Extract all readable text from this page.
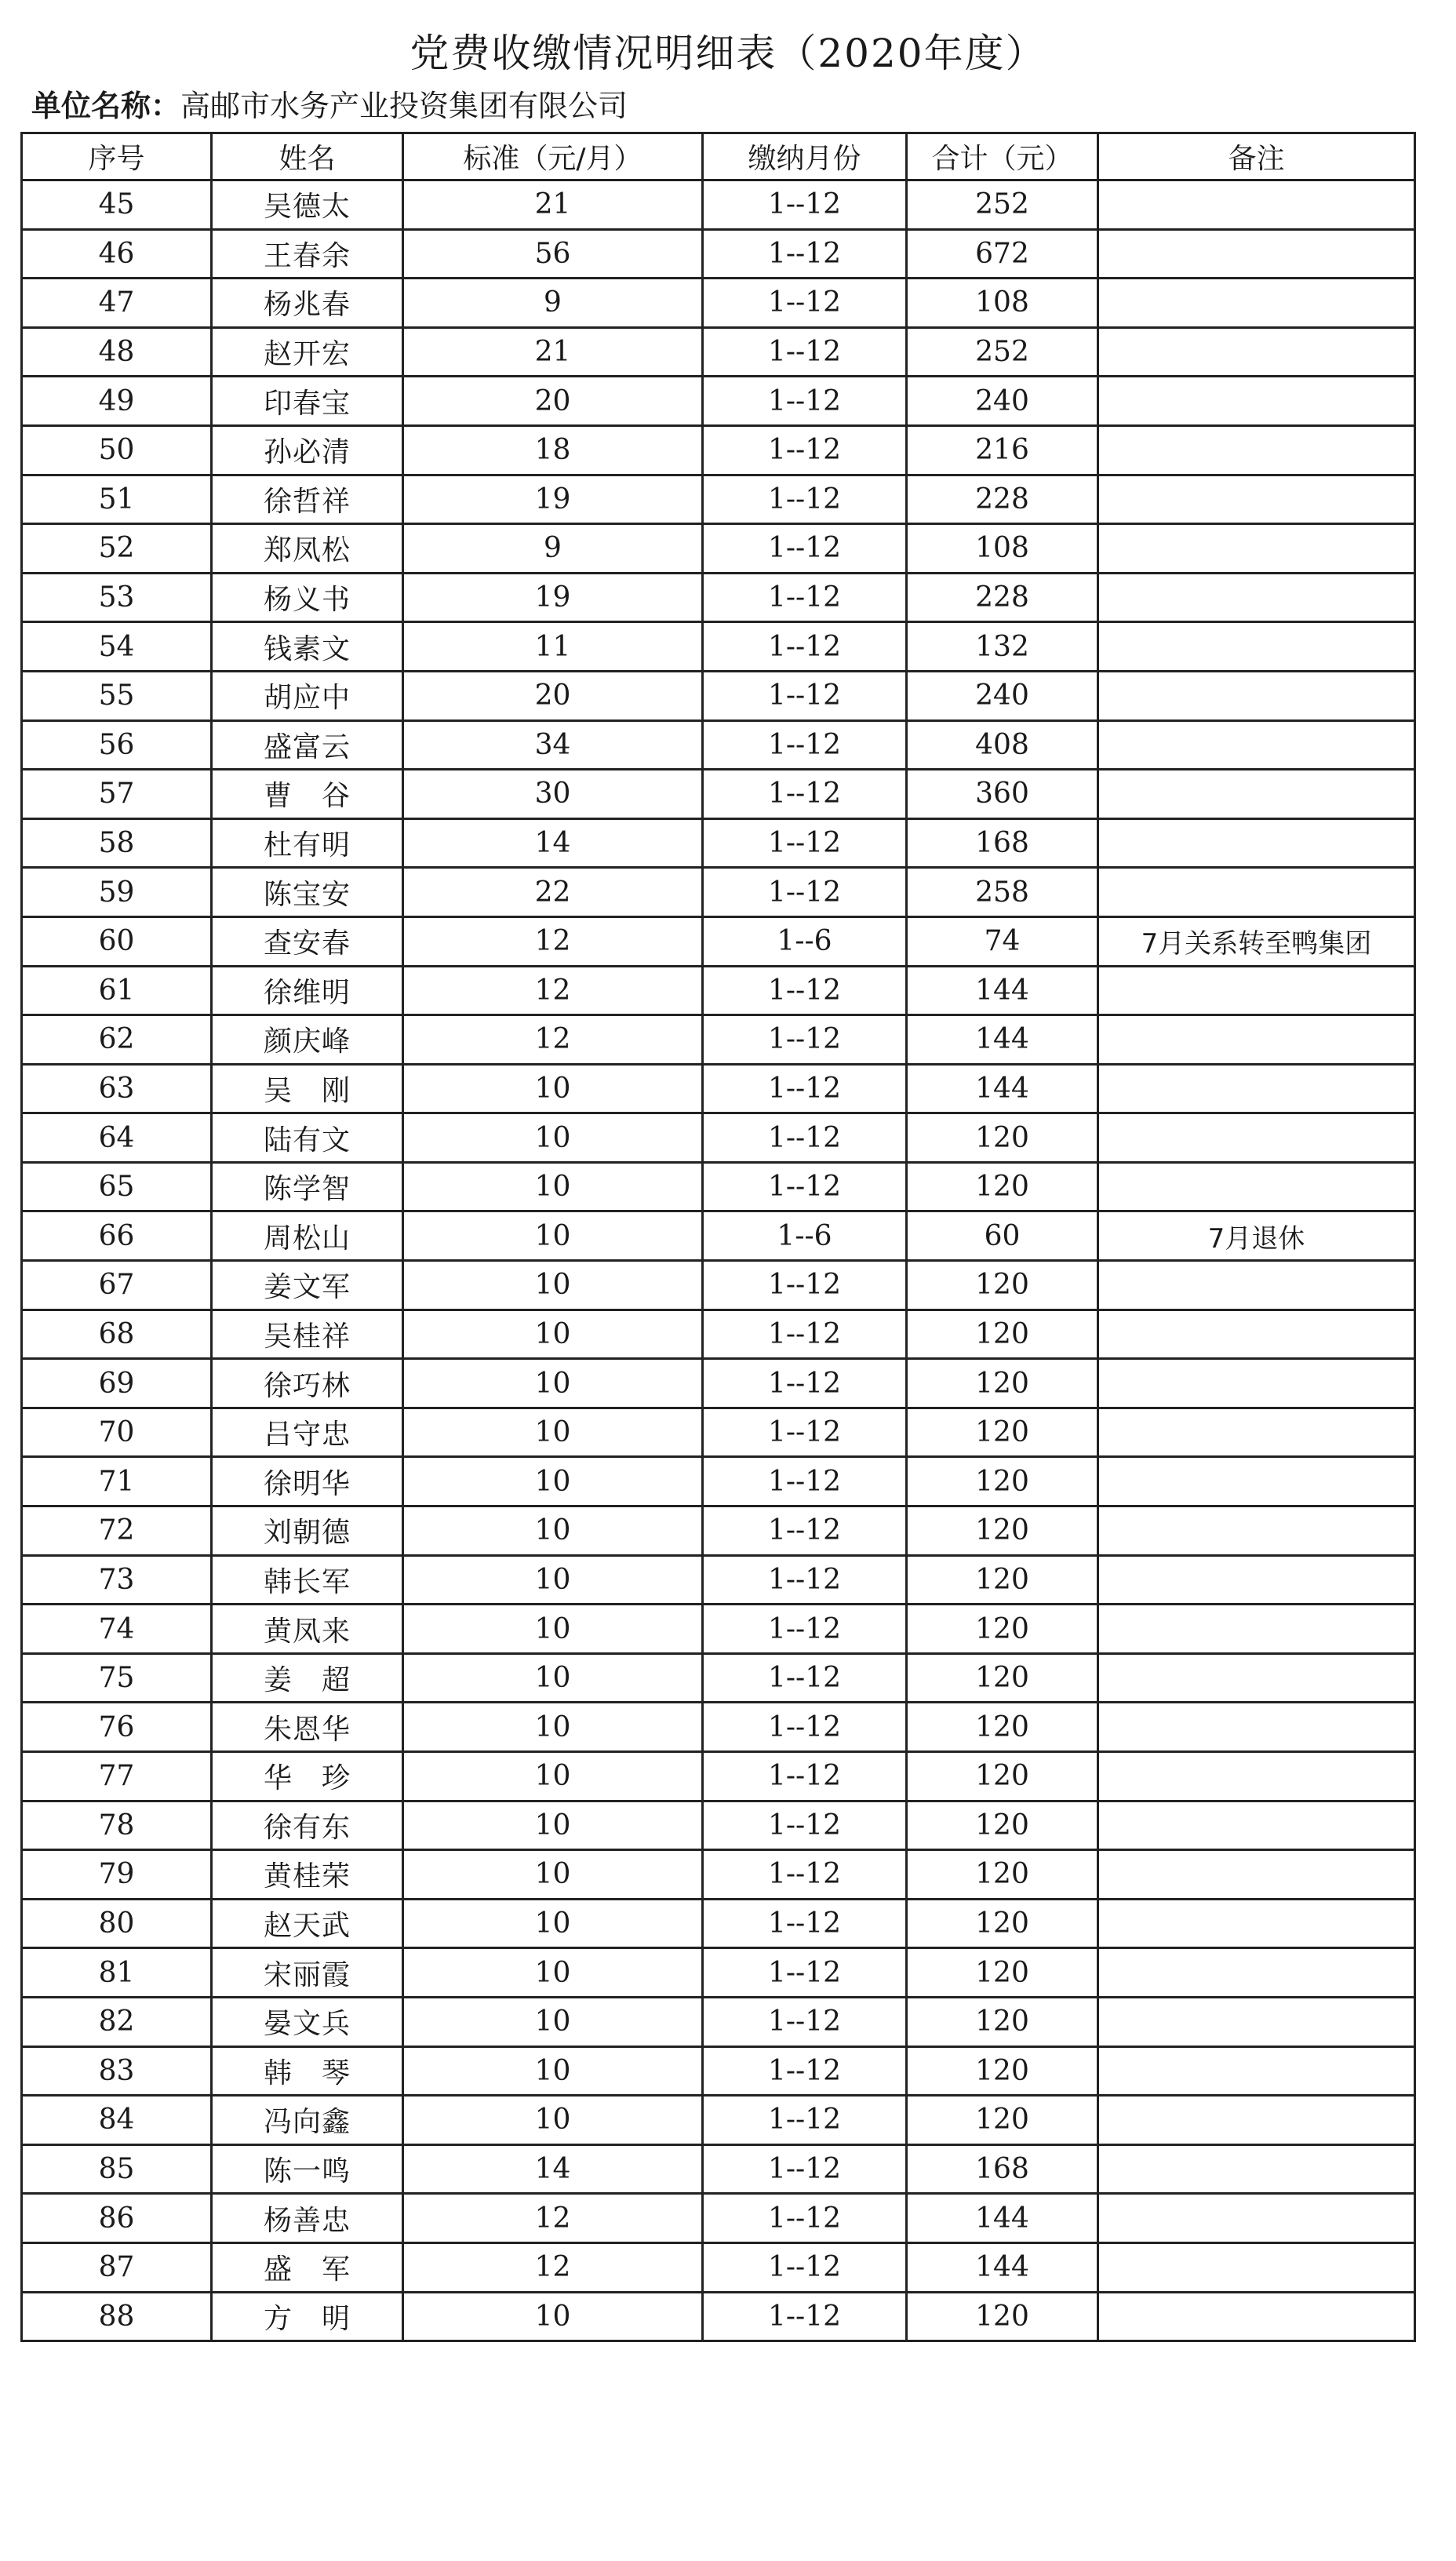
党费收缴情况明细表（2020年度）
单位名称：高邮市水务产业投资集团有限公司
序号	姓名	标准（元/月）	缴纳月份	合计（元）	备注
45	吴德太	21	1--12	252	
46	王春余	56	1--12	672	
47	杨兆春	9	1--12	108	
48	赵开宏	21	1--12	252	
49	印春宝	20	1--12	240	
50	孙必清	18	1--12	216	
51	徐哲祥	19	1--12	228	
52	郑凤松	9	1--12	108	
53	杨义书	19	1--12	228	
54	钱素文	11	1--12	132	
55	胡应中	20	1--12	240	
56	盛富云	34	1--12	408	
57	曹　谷	30	1--12	360	
58	杜有明	14	1--12	168	
59	陈宝安	22	1--12	258	
60	查安春	12	1--6	74	7月关系转至鸭集团
61	徐维明	12	1--12	144	
62	颜庆峰	12	1--12	144	
63	吴　刚	10	1--12	144	
64	陆有文	10	1--12	120	
65	陈学智	10	1--12	120	
66	周松山	10	1--6	60	7月退休
67	姜文军	10	1--12	120	
68	吴桂祥	10	1--12	120	
69	徐巧林	10	1--12	120	
70	吕守忠	10	1--12	120	
71	徐明华	10	1--12	120	
72	刘朝德	10	1--12	120	
73	韩长军	10	1--12	120	
74	黄凤来	10	1--12	120	
75	姜　超	10	1--12	120	
76	朱恩华	10	1--12	120	
77	华　珍	10	1--12	120	
78	徐有东	10	1--12	120	
79	黄桂荣	10	1--12	120	
80	赵天武	10	1--12	120	
81	宋丽霞	10	1--12	120	
82	晏文兵	10	1--12	120	
83	韩　琴	10	1--12	120	
84	冯向鑫	10	1--12	120	
85	陈一鸣	14	1--12	168	
86	杨善忠	12	1--12	144	
87	盛　军	12	1--12	144	
88	方　明	10	1--12	120	
